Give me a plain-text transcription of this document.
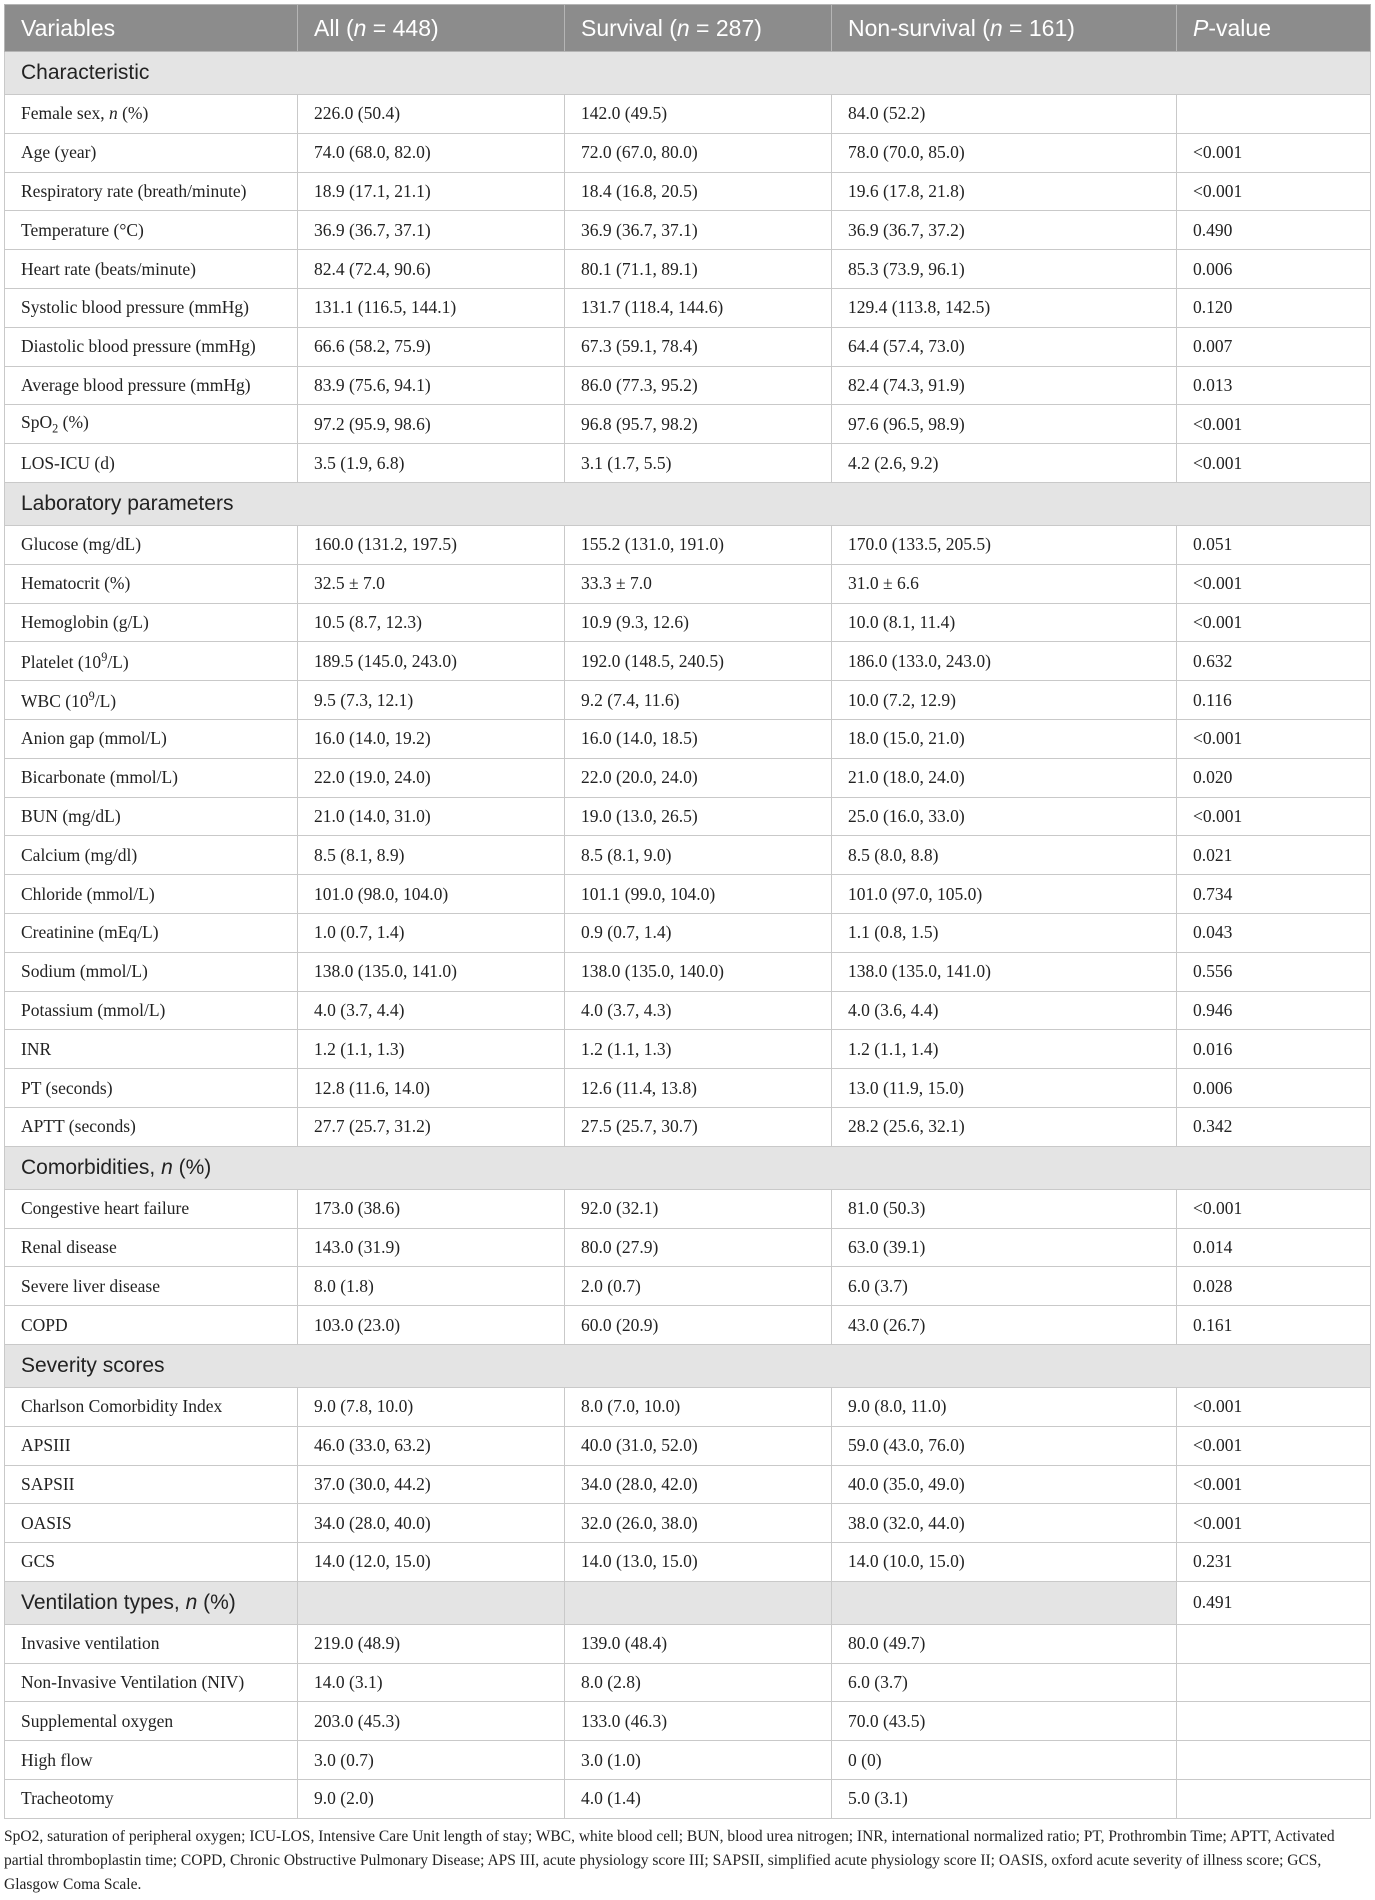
Variables	All (n = 448)	Survival (n = 287)	Non-survival (n = 161)	P-value
Characteristic				
Female sex, n (%)	226.0 (50.4)	142.0 (49.5)	84.0 (52.2)	
Age (year)	74.0 (68.0, 82.0)	72.0 (67.0, 80.0)	78.0 (70.0, 85.0)	<0.001
Respiratory rate (breath/minute)	18.9 (17.1, 21.1)	18.4 (16.8, 20.5)	19.6 (17.8, 21.8)	<0.001
Temperature (°C)	36.9 (36.7, 37.1)	36.9 (36.7, 37.1)	36.9 (36.7, 37.2)	0.490
Heart rate (beats/minute)	82.4 (72.4, 90.6)	80.1 (71.1, 89.1)	85.3 (73.9, 96.1)	0.006
Systolic blood pressure (mmHg)	131.1 (116.5, 144.1)	131.7 (118.4, 144.6)	129.4 (113.8, 142.5)	0.120
Diastolic blood pressure (mmHg)	66.6 (58.2, 75.9)	67.3 (59.1, 78.4)	64.4 (57.4, 73.0)	0.007
Average blood pressure (mmHg)	83.9 (75.6, 94.1)	86.0 (77.3, 95.2)	82.4 (74.3, 91.9)	0.013
SpO$_2$ (%)	97.2 (95.9, 98.6)	96.8 (95.7, 98.2)	97.6 (96.5, 98.9)	<0.001
LOS-ICU (d)	3.5 (1.9, 6.8)	3.1 (1.7, 5.5)	4.2 (2.6, 9.2)	<0.001
Laboratory parameters				
Glucose (mg/dL)	160.0 (131.2, 197.5)	155.2 (131.0, 191.0)	170.0 (133.5, 205.5)	0.051
Hematocrit (%)	32.5 ± 7.0	33.3 ± 7.0	31.0 ± 6.6	<0.001
Hemoglobin (g/L)	10.5 (8.7, 12.3)	10.9 (9.3, 12.6)	10.0 (8.1, 11.4)	<0.001
Platelet $(10^9/L)$	189.5 (145.0, 243.0)	192.0 (148.5, 240.5)	186.0 (133.0, 243.0)	0.632
WBC $(10^9/L)$	9.5 (7.3, 12.1)	9.2 (7.4, 11.6)	10.0 (7.2, 12.9)	0.116
Anion gap (mmol/L)	16.0 (14.0, 19.2)	16.0 (14.0, 18.5)	18.0 (15.0, 21.0)	<0.001
Bicarbonate (mmol/L)	22.0 (19.0, 24.0)	22.0 (20.0, 24.0)	21.0 (18.0, 24.0)	0.020
BUN (mg/dL)	21.0 (14.0, 31.0)	19.0 (13.0, 26.5)	25.0 (16.0, 33.0)	<0.001
Calcium (mg/dl)	8.5 (8.1, 8.9)	8.5 (8.1, 9.0)	8.5 (8.0, 8.8)	0.021
Chloride (mmol/L)	101.0 (98.0, 104.0)	101.1 (99.0, 104.0)	101.0 (97.0, 105.0)	0.734
Creatinine (mEq/L)	1.0 (0.7, 1.4)	0.9 (0.7, 1.4)	1.1 (0.8, 1.5)	0.043
Sodium (mmol/L)	138.0 (135.0, 141.0)	138.0 (135.0, 140.0)	138.0 (135.0, 141.0)	0.556
Potassium (mmol/L)	4.0 (3.7, 4.4)	4.0 (3.7, 4.3)	4.0 (3.6, 4.4)	0.946
INR	1.2 (1.1, 1.3)	1.2 (1.1, 1.3)	1.2 (1.1, 1.4)	0.016
PT (seconds)	12.8 (11.6, 14.0)	12.6 (11.4, 13.8)	13.0 (11.9, 15.0)	0.006
APTT (seconds)	27.7 (25.7, 31.2)	27.5 (25.7, 30.7)	28.2 (25.6, 32.1)	0.342
Comorbidities, n (%)				
Congestive heart failure	173.0 (38.6)	92.0 (32.1)	81.0 (50.3)	<0.001
Renal disease	143.0 (31.9)	80.0 (27.9)	63.0 (39.1)	0.014
Severe liver disease	8.0 (1.8)	2.0 (0.7)	6.0 (3.7)	0.028
COPD	103.0 (23.0)	60.0 (20.9)	43.0 (26.7)	0.161
Severity scores				
Charlson Comorbidity Index	9.0 (7.8, 10.0)	8.0 (7.0, 10.0)	9.0 (8.0, 11.0)	<0.001
APSIII	46.0 (33.0, 63.2)	40.0 (31.0, 52.0)	59.0 (43.0, 76.0)	<0.001
SAPSII	37.0 (30.0, 44.2)	34.0 (28.0, 42.0)	40.0 (35.0, 49.0)	<0.001
OASIS	34.0 (28.0, 40.0)	32.0 (26.0, 38.0)	38.0 (32.0, 44.0)	<0.001
GCS	14.0 (12.0, 15.0)	14.0 (13.0, 15.0)	14.0 (10.0, 15.0)	0.231
Ventilation types, n (%)				0.491
Invasive ventilation	219.0 (48.9)	139.0 (48.4)	80.0 (49.7)	
Non-Invasive Ventilation (NIV)	14.0 (3.1)	8.0 (2.8)	6.0 (3.7)	
Supplemental oxygen	203.0 (45.3)	133.0 (46.3)	70.0 (43.5)	
High flow	3.0 (0.7)	3.0 (1.0)	0 (0)	
Tracheotomy	9.0 (2.0)	4.0 (1.4)	5.0 (3.1)	
SpO2, saturation of peripheral oxygen; ICU-LOS, Intensive Care Unit length of stay; WBC, white blood cell; BUN, blood urea nitrogen; INR, international normalized ratio; PT, Prothrombin Time; APTT, Activated partial thromboplastin time; COPD, Chronic Obstructive Pulmonary Disease; APS III, acute physiology score III; SAPSII, simplified acute physiology score II; OASIS, oxford acute severity of illness score; GCS, Glasgow Coma Scale.
